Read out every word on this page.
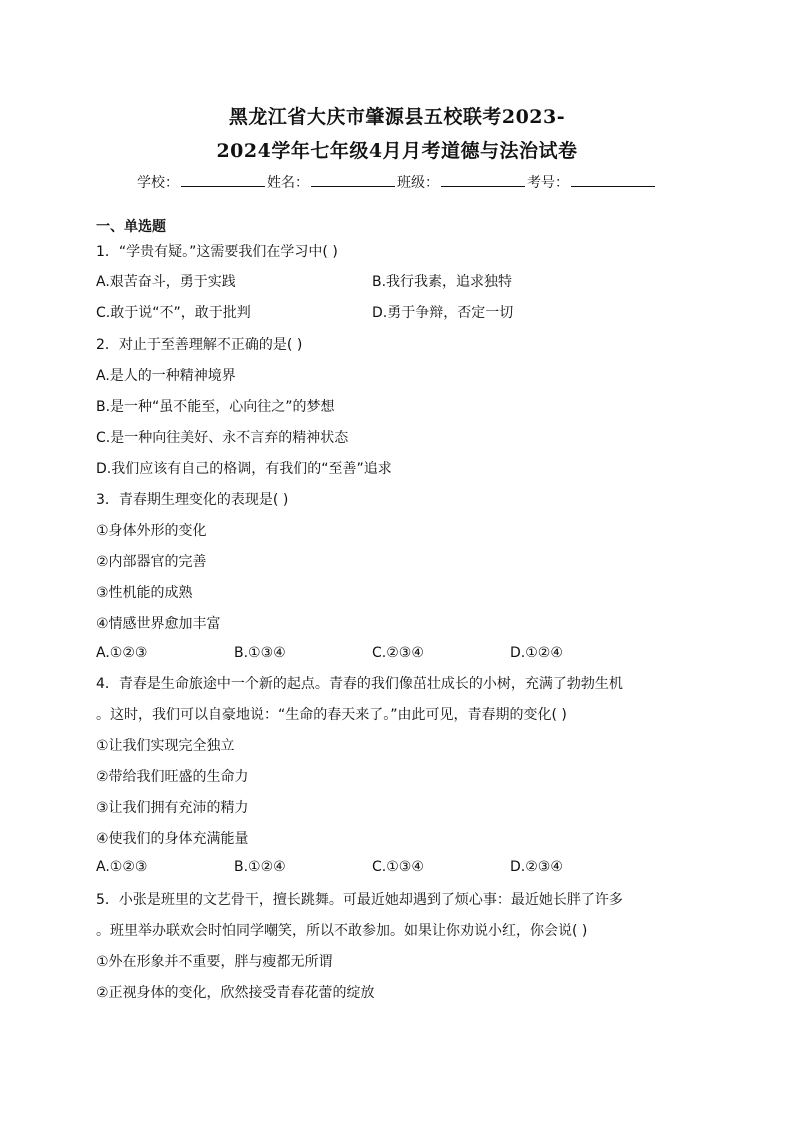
黑龙江省大庆市肇源县五校联考2023-
2024学年七年级4月月考道德与法治试卷
学校：	姓名：	班级：	考号：
一、单选题
1．“学贵有疑。”这需要我们在学习中( )
A.艰苦奋斗，勇于实践	B.我行我素，追求独特
C.敢于说“不”，敢于批判	D.勇于争辩，否定一切
2．对止于至善理解不正确的是( )
A.是人的一种精神境界
B.是一种“虽不能至，心向往之”的梦想
C.是一种向往美好、永不言弃的精神状态
D.我们应该有自己的格调，有我们的“至善”追求
3．青春期生理变化的表现是( )
①身体外形的变化
②内部器官的完善
③性机能的成熟
④情感世界愈加丰富
A.①②③	B.①③④	C.②③④	D.①②④
4．青春是生命旅途中一个新的起点。青春的我们像茁壮成长的小树，充满了勃勃生机
。这时，我们可以自豪地说：“生命的春天来了。”由此可见，青春期的变化( )
①让我们实现完全独立
②带给我们旺盛的生命力
③让我们拥有充沛的精力
④使我们的身体充满能量
A.①②③	B.①②④	C.①③④	D.②③④
5．小张是班里的文艺骨干，擅长跳舞。可最近她却遇到了烦心事：最近她长胖了许多
。班里举办联欢会时怕同学嘲笑，所以不敢参加。如果让你劝说小红，你会说( )
①外在形象并不重要，胖与瘦都无所谓
②正视身体的变化，欣然接受青春花蕾的绽放
